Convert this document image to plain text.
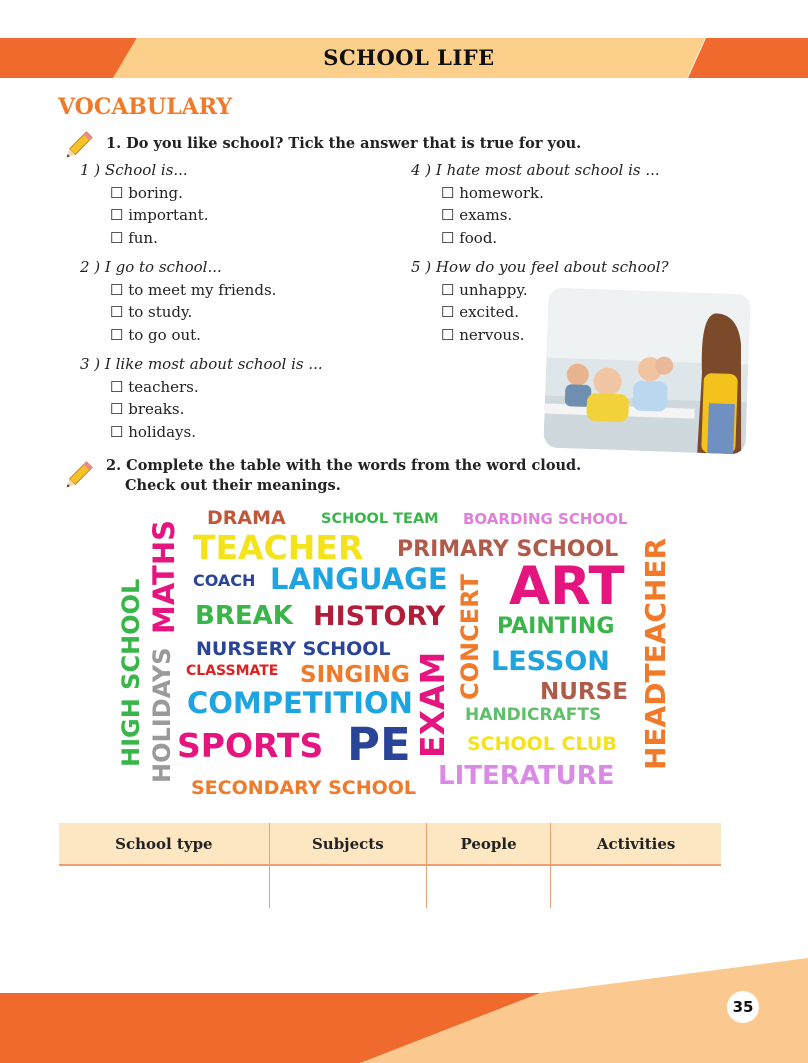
SCHOOL LIFE
VOCABULARY
1. Do you like school? Tick the answer that is true for you.
1 ) School is...
☐ boring.
☐ important.
☐ fun.
2 ) I go to school...
☐ to meet my friends.
☐ to study.
☐ to go out.
3 ) I like most about school is ...
☐ teachers.
☐ breaks.
☐ holidays.
4 ) I hate most about school is ...
☐ homework.
☐ exams.
☐ food.
5 ) How do you feel about school?
☐ unhappy.
☐ excited.
☐ nervous.
2. Complete the table with the words from the word cloud.
Check out their meanings.
DRAMA SCHOOL TEAM BOARDING SCHOOL
TEACHER PRIMARY SCHOOL
COACH LANGUAGE ART
BREAK HISTORY PAINTING
NURSERY SCHOOL	LESSON
CLASSMATE SINGING
NURSE
COMPETITION	HANDICRAFTS
SPORTS PE	SCHOOL CLUB
LITERATURE
SECONDARY SCHOOL
MATHS
HIGH SCHOOL HOLIDAYS	EXAM
CONCERT	HEADTEACHER
School type	Subjects	People	Activities

35
